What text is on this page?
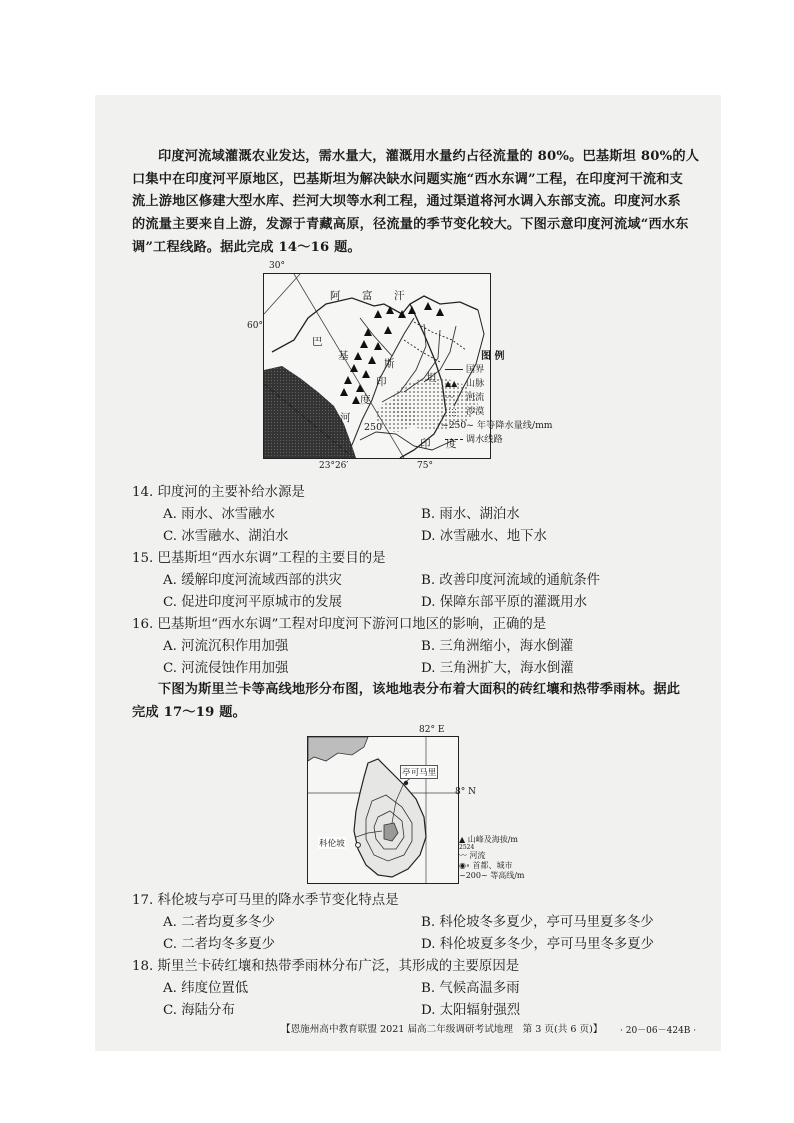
印度河流域灌溉农业发达，需水量大，灌溉用水量约占径流量的 80%。巴基斯坦 80%的人
口集中在印度河平原地区，巴基斯坦为解决缺水问题实施“西水东调”工程，在印度河干流和支
流上游地区修建大型水库、拦河大坝等水利工程，通过渠道将河水调入东部支流。印度河水系
的流量主要来自上游，发源于青藏高原，径流量的季节变化较大。下图示意印度河流域“西水东
调”工程线路。据此完成 14～16 题。
30°
60°
阿 富 汗
巴
基
斯
坦
印
度
河
250
印 度
23°26′	75°
图 例
国界
▲▲ 山脉
〰 河流
沙漠
~250~ 年等降水量线/mm
调水线路
14. 印度河的主要补给水源是
A. 雨水、冰雪融水	B. 雨水、湖泊水
C. 冰雪融水、湖泊水	D. 冰雪融水、地下水
15. 巴基斯坦“西水东调”工程的主要目的是
A. 缓解印度河流域西部的洪灾	B. 改善印度河流域的通航条件
C. 促进印度河平原城市的发展	D. 保障东部平原的灌溉用水
16. 巴基斯坦“西水东调”工程对印度河下游河口地区的影响，正确的是
A. 河流沉积作用加强	B. 三角洲缩小，海水倒灌
C. 河流侵蚀作用加强	D. 三角洲扩大，海水倒灌
下图为斯里兰卡等高线地形分布图，该地地表分布着大面积的砖红壤和热带季雨林。据此
完成 17～19 题。
82° E
亭可马里
科伦坡
8° N
▲ 山峰及海拔/m
2524
〰 河流
◉∘ 首都、城市
~200~ 等高线/m
17. 科伦坡与亭可马里的降水季节变化特点是
A. 二者均夏多冬少	B. 科伦坡冬多夏少，亭可马里夏多冬少
C. 二者均冬多夏少	D. 科伦坡夏多冬少，亭可马里冬多夏少
18. 斯里兰卡砖红壤和热带季雨林分布广泛，其形成的主要原因是
A. 纬度位置低	B. 气候高温多雨
C. 海陆分布	D. 太阳辐射强烈
【恩施州高中教育联盟 2021 届高二年级调研考试地理　第 3 页(共 6 页)】 · 20－06－424B ·
